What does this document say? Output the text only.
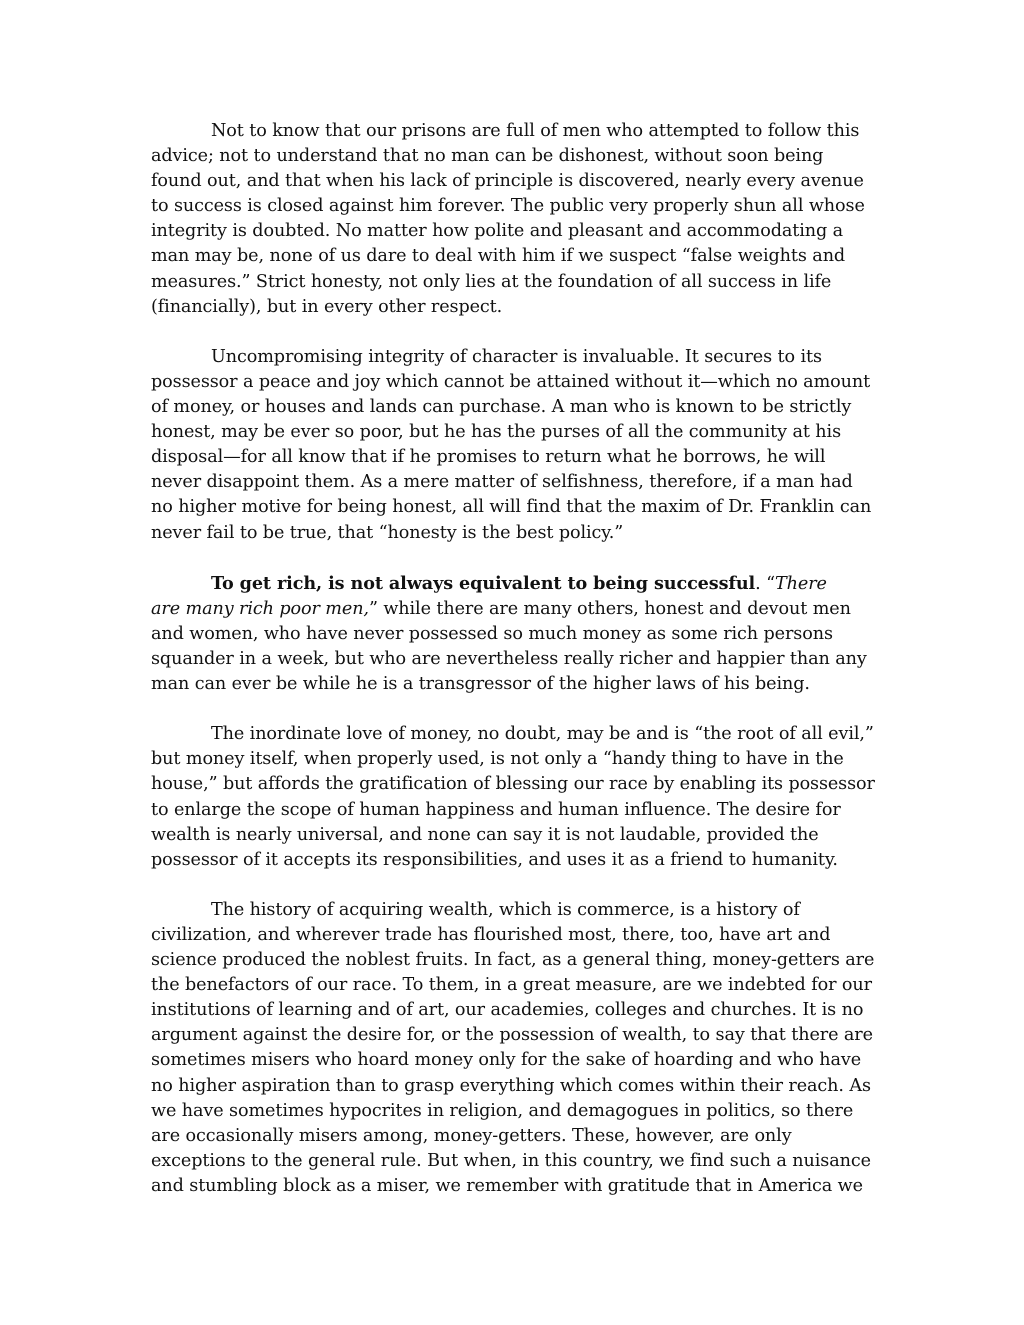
Not to know that our prisons are full of men who attempted to follow this
advice; not to understand that no man can be dishonest, without soon being
found out, and that when his lack of principle is discovered, nearly every avenue
to success is closed against him forever. The public very properly shun all whose
integrity is doubted. No matter how polite and pleasant and accommodating a
man may be, none of us dare to deal with him if we suspect “false weights and
measures.” Strict honesty, not only lies at the foundation of all success in life
(financially), but in every other respect.
Uncompromising integrity of character is invaluable. It secures to its
possessor a peace and joy which cannot be attained without it—which no amount
of money, or houses and lands can purchase. A man who is known to be strictly
honest, may be ever so poor, but he has the purses of all the community at his
disposal—for all know that if he promises to return what he borrows, he will
never disappoint them. As a mere matter of selfishness, therefore, if a man had
no higher motive for being honest, all will find that the maxim of Dr. Franklin can
never fail to be true, that “honesty is the best policy.”
To get rich, is not always equivalent to being successful. “There
are many rich poor men,” while there are many others, honest and devout men
and women, who have never possessed so much money as some rich persons
squander in a week, but who are nevertheless really richer and happier than any
man can ever be while he is a transgressor of the higher laws of his being.
The inordinate love of money, no doubt, may be and is “the root of all evil,”
but money itself, when properly used, is not only a “handy thing to have in the
house,” but affords the gratification of blessing our race by enabling its possessor
to enlarge the scope of human happiness and human influence. The desire for
wealth is nearly universal, and none can say it is not laudable, provided the
possessor of it accepts its responsibilities, and uses it as a friend to humanity.
The history of acquiring wealth, which is commerce, is a history of
civilization, and wherever trade has flourished most, there, too, have art and
science produced the noblest fruits. In fact, as a general thing, money-getters are
the benefactors of our race. To them, in a great measure, are we indebted for our
institutions of learning and of art, our academies, colleges and churches. It is no
argument against the desire for, or the possession of wealth, to say that there are
sometimes misers who hoard money only for the sake of hoarding and who have
no higher aspiration than to grasp everything which comes within their reach. As
we have sometimes hypocrites in religion, and demagogues in politics, so there
are occasionally misers among, money-getters. These, however, are only
exceptions to the general rule. But when, in this country, we find such a nuisance
and stumbling block as a miser, we remember with gratitude that in America we
